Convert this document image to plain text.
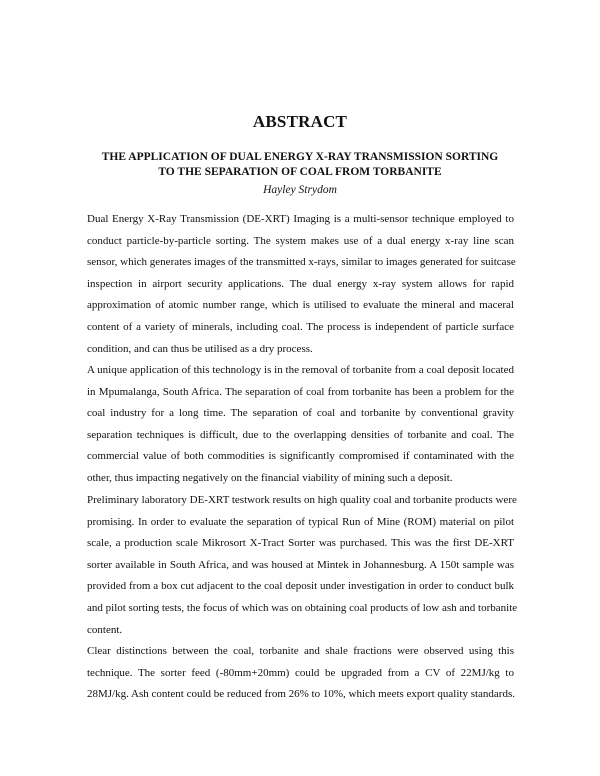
ABSTRACT
THE APPLICATION OF DUAL ENERGY X-RAY TRANSMISSION SORTING
TO THE SEPARATION OF COAL FROM TORBANITE

Hayley Strydom

Dual Energy X-Ray Transmission (DE-XRT) Imaging is a multi-sensor technique employed to
conduct particle-by-particle sorting. The system makes use of a dual energy x-ray line scan
sensor, which generates images of the transmitted x-rays, similar to images generated for suitcase
inspection in airport security applications. The dual energy x-ray system allows for rapid
approximation of atomic number range, which is utilised to evaluate the mineral and maceral
content of a variety of minerals, including coal. The process is independent of particle surface
condition, and can thus be utilised as a dry process.

A unique application of this technology is in the removal of torbanite from a coal deposit located
in Mpumalanga, South Africa. The separation of coal from torbanite has been a problem for the
coal industry for a long time. The separation of coal and torbanite by conventional gravity
separation techniques is difficult, due to the overlapping densities of torbanite and coal. The
commercial value of both commodities is significantly compromised if contaminated with the
other, thus impacting negatively on the financial viability of mining such a deposit.

Preliminary laboratory DE-XRT testwork results on high quality coal and torbanite products were
promising. In order to evaluate the separation of typical Run of Mine (ROM) material on pilot
scale, a production scale Mikrosort X-Tract Sorter was purchased. This was the first DE-XRT
sorter available in South Africa, and was housed at Mintek in Johannesburg. A 150t sample was
provided from a box cut adjacent to the coal deposit under investigation in order to conduct bulk
and pilot sorting tests, the focus of which was on obtaining coal products of low ash and torbanite
content.

Clear distinctions between the coal, torbanite and shale fractions were observed using this
technique. The sorter feed (-80mm+20mm) could be upgraded from a CV of 22MJ/kg to
28MJ/kg. Ash content could be reduced from 26% to 10%, which meets export quality standards.
